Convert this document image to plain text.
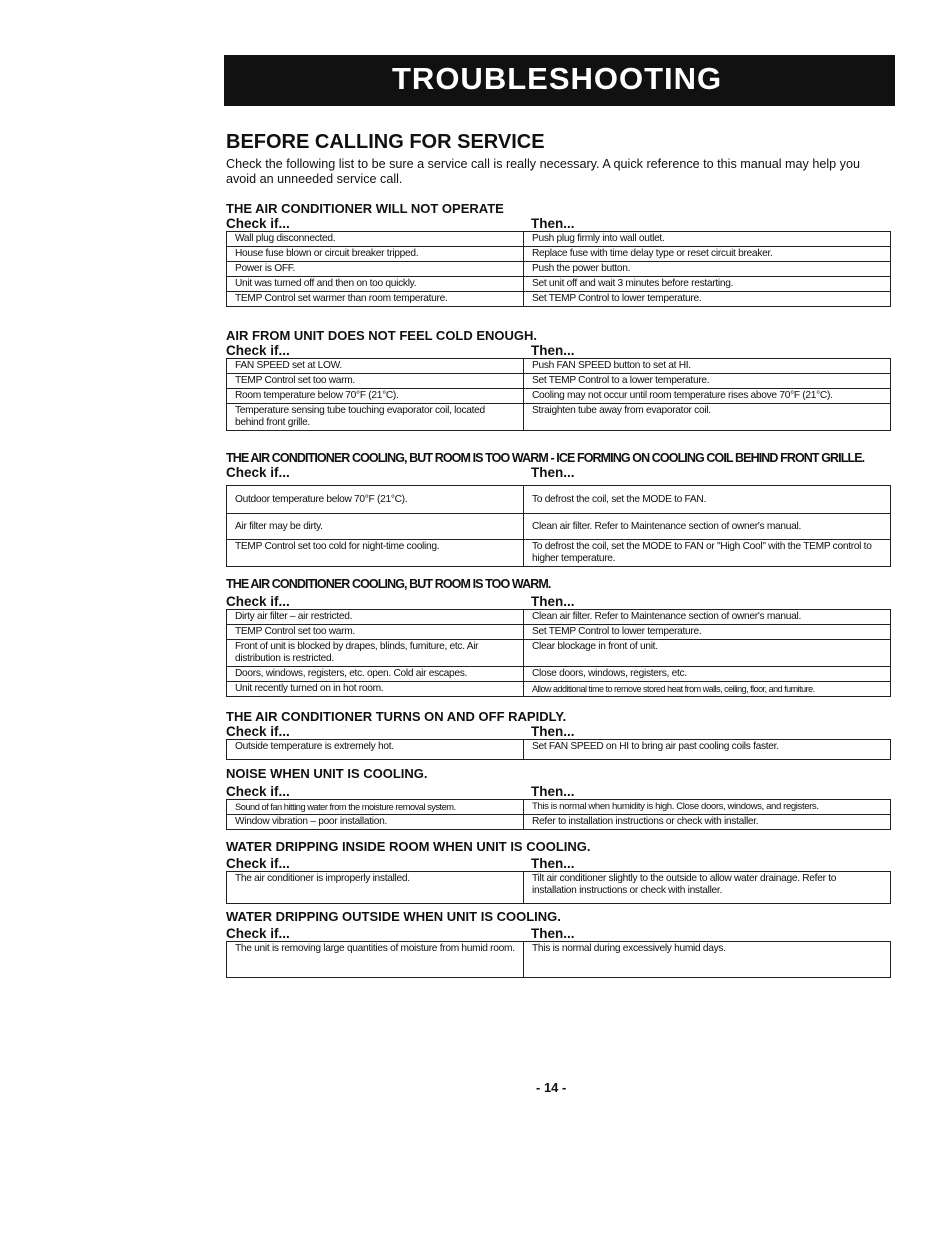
TROUBLESHOOTING
BEFORE CALLING FOR SERVICE
Check the following list to be sure a service call is really necessary. A quick reference to this manual may help you avoid an unneeded service call.
THE AIR CONDITIONER WILL NOT OPERATE
Check if...	Then...
Wall plug disconnected.	Push plug firmly into wall outlet.
House fuse blown or circuit breaker tripped.	Replace fuse with time delay type or reset circuit breaker.
Power is OFF.	Push the power button.
Unit was turned off and then on too quickly.	Set unit off and wait 3 minutes before restarting.
TEMP Control set warmer than room temperature.	Set TEMP Control to lower temperature.
AIR FROM UNIT DOES NOT FEEL COLD ENOUGH.
Check if...	Then...
FAN SPEED set at LOW.	Push FAN SPEED button to set at HI.
TEMP Control set too warm.	Set TEMP Control to a lower temperature.
Room temperature below 70°F (21°C).	Cooling may not occur until room temperature rises above 70°F (21°C).
Temperature sensing tube touching evaporator coil, located behind front grille.	Straighten tube away from evaporator coil.
THE AIR CONDITIONER COOLING, BUT ROOM IS TOO WARM - ICE FORMING ON COOLING COIL BEHIND FRONT GRILLE.
Check if...	Then...
Outdoor temperature below 70°F (21°C).	To defrost the coil, set the MODE to FAN.
Air filter may be dirty.	Clean air filter. Refer to Maintenance section of owner's manual.
TEMP Control set too cold for night-time cooling.	To defrost the coil, set the MODE to FAN or "High Cool" with the TEMP control to higher temperature.
THE AIR CONDITIONER COOLING, BUT ROOM IS TOO WARM.
Check if...	Then...
Dirty air filter – air restricted.	Clean air filter. Refer to Maintenance section of owner's manual.
TEMP Control set too warm.	Set TEMP Control to lower temperature.
Front of unit is blocked by drapes, blinds, furniture, etc. Air distribution is restricted.	Clear blockage in front of unit.
Doors, windows, registers, etc. open. Cold air escapes.	Close doors, windows, registers, etc.
Unit recently turned on in hot room.	Allow additional time to remove stored heat from walls, ceiling, floor, and furniture.
THE AIR CONDITIONER TURNS ON AND OFF RAPIDLY.
Check if...	Then...
Outside temperature is extremely hot.	Set FAN SPEED on HI to bring air past cooling coils faster.
NOISE WHEN UNIT IS COOLING.
Check if...	Then...
Sound of fan hitting water from the moisture removal system.	This is normal when humidity is high. Close doors, windows, and registers.
Window vibration – poor installation.	Refer to installation instructions or check with installer.
WATER DRIPPING INSIDE ROOM WHEN UNIT IS COOLING.
Check if...	Then...
The air conditioner is improperly installed.	Tilt air conditioner slightly to the outside to allow water drainage. Refer to installation instructions or check with installer.
WATER DRIPPING OUTSIDE WHEN UNIT IS COOLING.
Check if...	Then...
The unit is removing large quantities of moisture from humid room.	This is normal during excessively humid days.
- 14 -
